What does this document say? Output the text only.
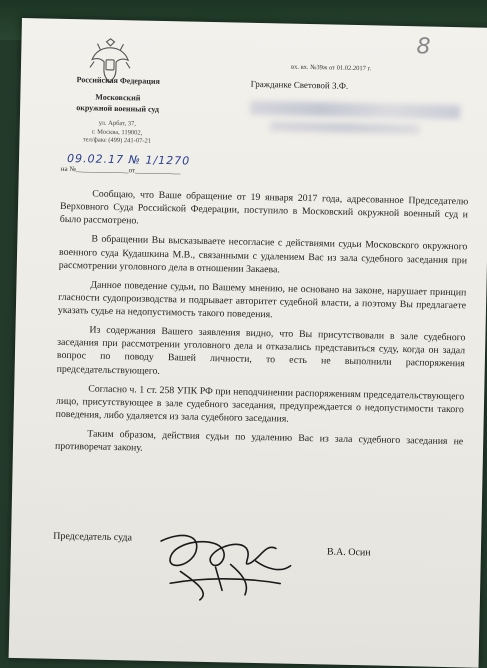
Российская Федерация
Московский
окружной военный суд
ул. Арбат, 37,
г. Москва, 119002,
тел/факс (499) 241-07-21
09.02.17 № 1/1270
на №_______________от_____________
вх. вх. №39ж от 01.02.2017 г.
8
Гражданке Световой З.Ф.

Сообщаю, что Ваше обращение от 19 января 2017 года, адресованное Председателю Верховного Суда Российской Федерации, поступило в Московский окружной военный суд и было рассмотрено.

В обращении Вы высказываете несогласие с действиями судьи Московского окружного военного суда Кудашкина М.В., связанными с удалением Вас из зала судебного заседания при рассмотрении уголовного дела в отношении Закаева.

Данное поведение судьи, по Вашему мнению, не основано на законе, нарушает принцип гласности судопроизводства и подрывает авторитет судебной власти, а поэтому Вы предлагаете указать судье на недопустимость такого поведения.

Из содержания Вашего заявления видно, что Вы присутствовали в зале судебного заседания при рассмотрении уголовного дела и отказались представиться суду, когда он задал вопрос по поводу Вашей личности, то есть не выполнили распоряжения председательствующего.

Согласно ч. 1 ст. 258 УПК РФ при неподчинении распоряжениям председательствующего лицо, присутствующее в зале судебного заседания, предупреждается о недопустимости такого поведения, либо удаляется из зала судебного заседания.

Таким образом, действия судьи по удалению Вас из зала судебного заседания не противоречат закону.

Председатель суда
В.А. Осин
